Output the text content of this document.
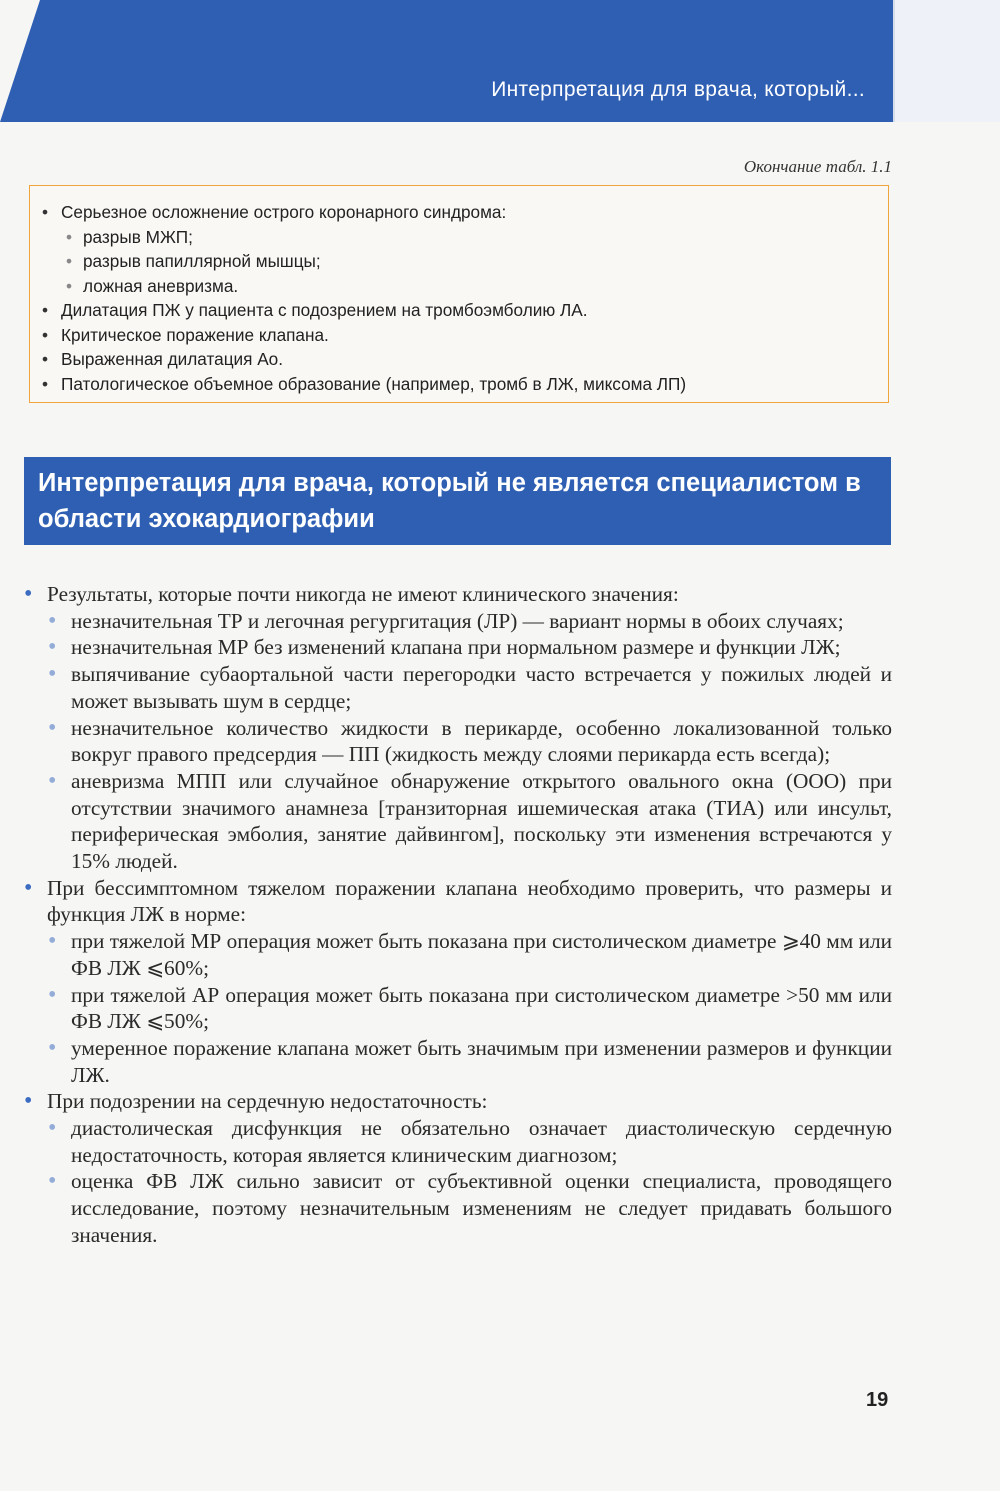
Интерпретация для врача, который...
Окончание табл. 1.1
• Серьезное осложнение острого коронарного синдрома:
• разрыв МЖП;
• разрыв папиллярной мышцы;
• ложная аневризма.
• Дилатация ПЖ у пациента с подозрением на тромбоэмболию ЛА.
• Критическое поражение клапана.
• Выраженная дилатация Ао.
• Патологическое объемное образование (например, тромб в ЛЖ, миксома ЛП)
Интерпретация для врача, который не является специалистом в области эхокардиографии
• Результаты, которые почти никогда не имеют клинического значения:
• незначительная ТР и легочная регургитация (ЛР) — вариант нормы в обоих случаях;
• незначительная МР без изменений клапана при нормальном размере и функции ЛЖ;
• выпячивание субаортальной части перегородки часто встречается у пожилых людей и может вызывать шум в сердце;
• незначительное количество жидкости в перикарде, особенно локализованной только вокруг правого предсердия — ПП (жидкость между слоями перикарда есть всегда);
• аневризма МПП или случайное обнаружение открытого овального окна (ООО) при отсутствии значимого анамнеза [транзиторная ишемическая атака (ТИА) или инсульт, периферическая эмболия, занятие дайвингом], поскольку эти изменения встречаются у 15% людей.
• При бессимптомном тяжелом поражении клапана необходимо проверить, что размеры и функция ЛЖ в норме:
• при тяжелой МР операция может быть показана при систолическом диаметре ⩾40 мм или ФВ ЛЖ ⩽60%;
• при тяжелой АР операция может быть показана при систолическом диаметре >50 мм или ФВ ЛЖ ⩽50%;
• умеренное поражение клапана может быть значимым при изменении размеров и функции ЛЖ.
• При подозрении на сердечную недостаточность:
• диастолическая дисфункция не обязательно означает диастолическую сердечную недостаточность, которая является клиническим диагнозом;
• оценка ФВ ЛЖ сильно зависит от субъективной оценки специалиста, проводящего исследование, поэтому незначительным изменениям не следует придавать большого значения.
19
